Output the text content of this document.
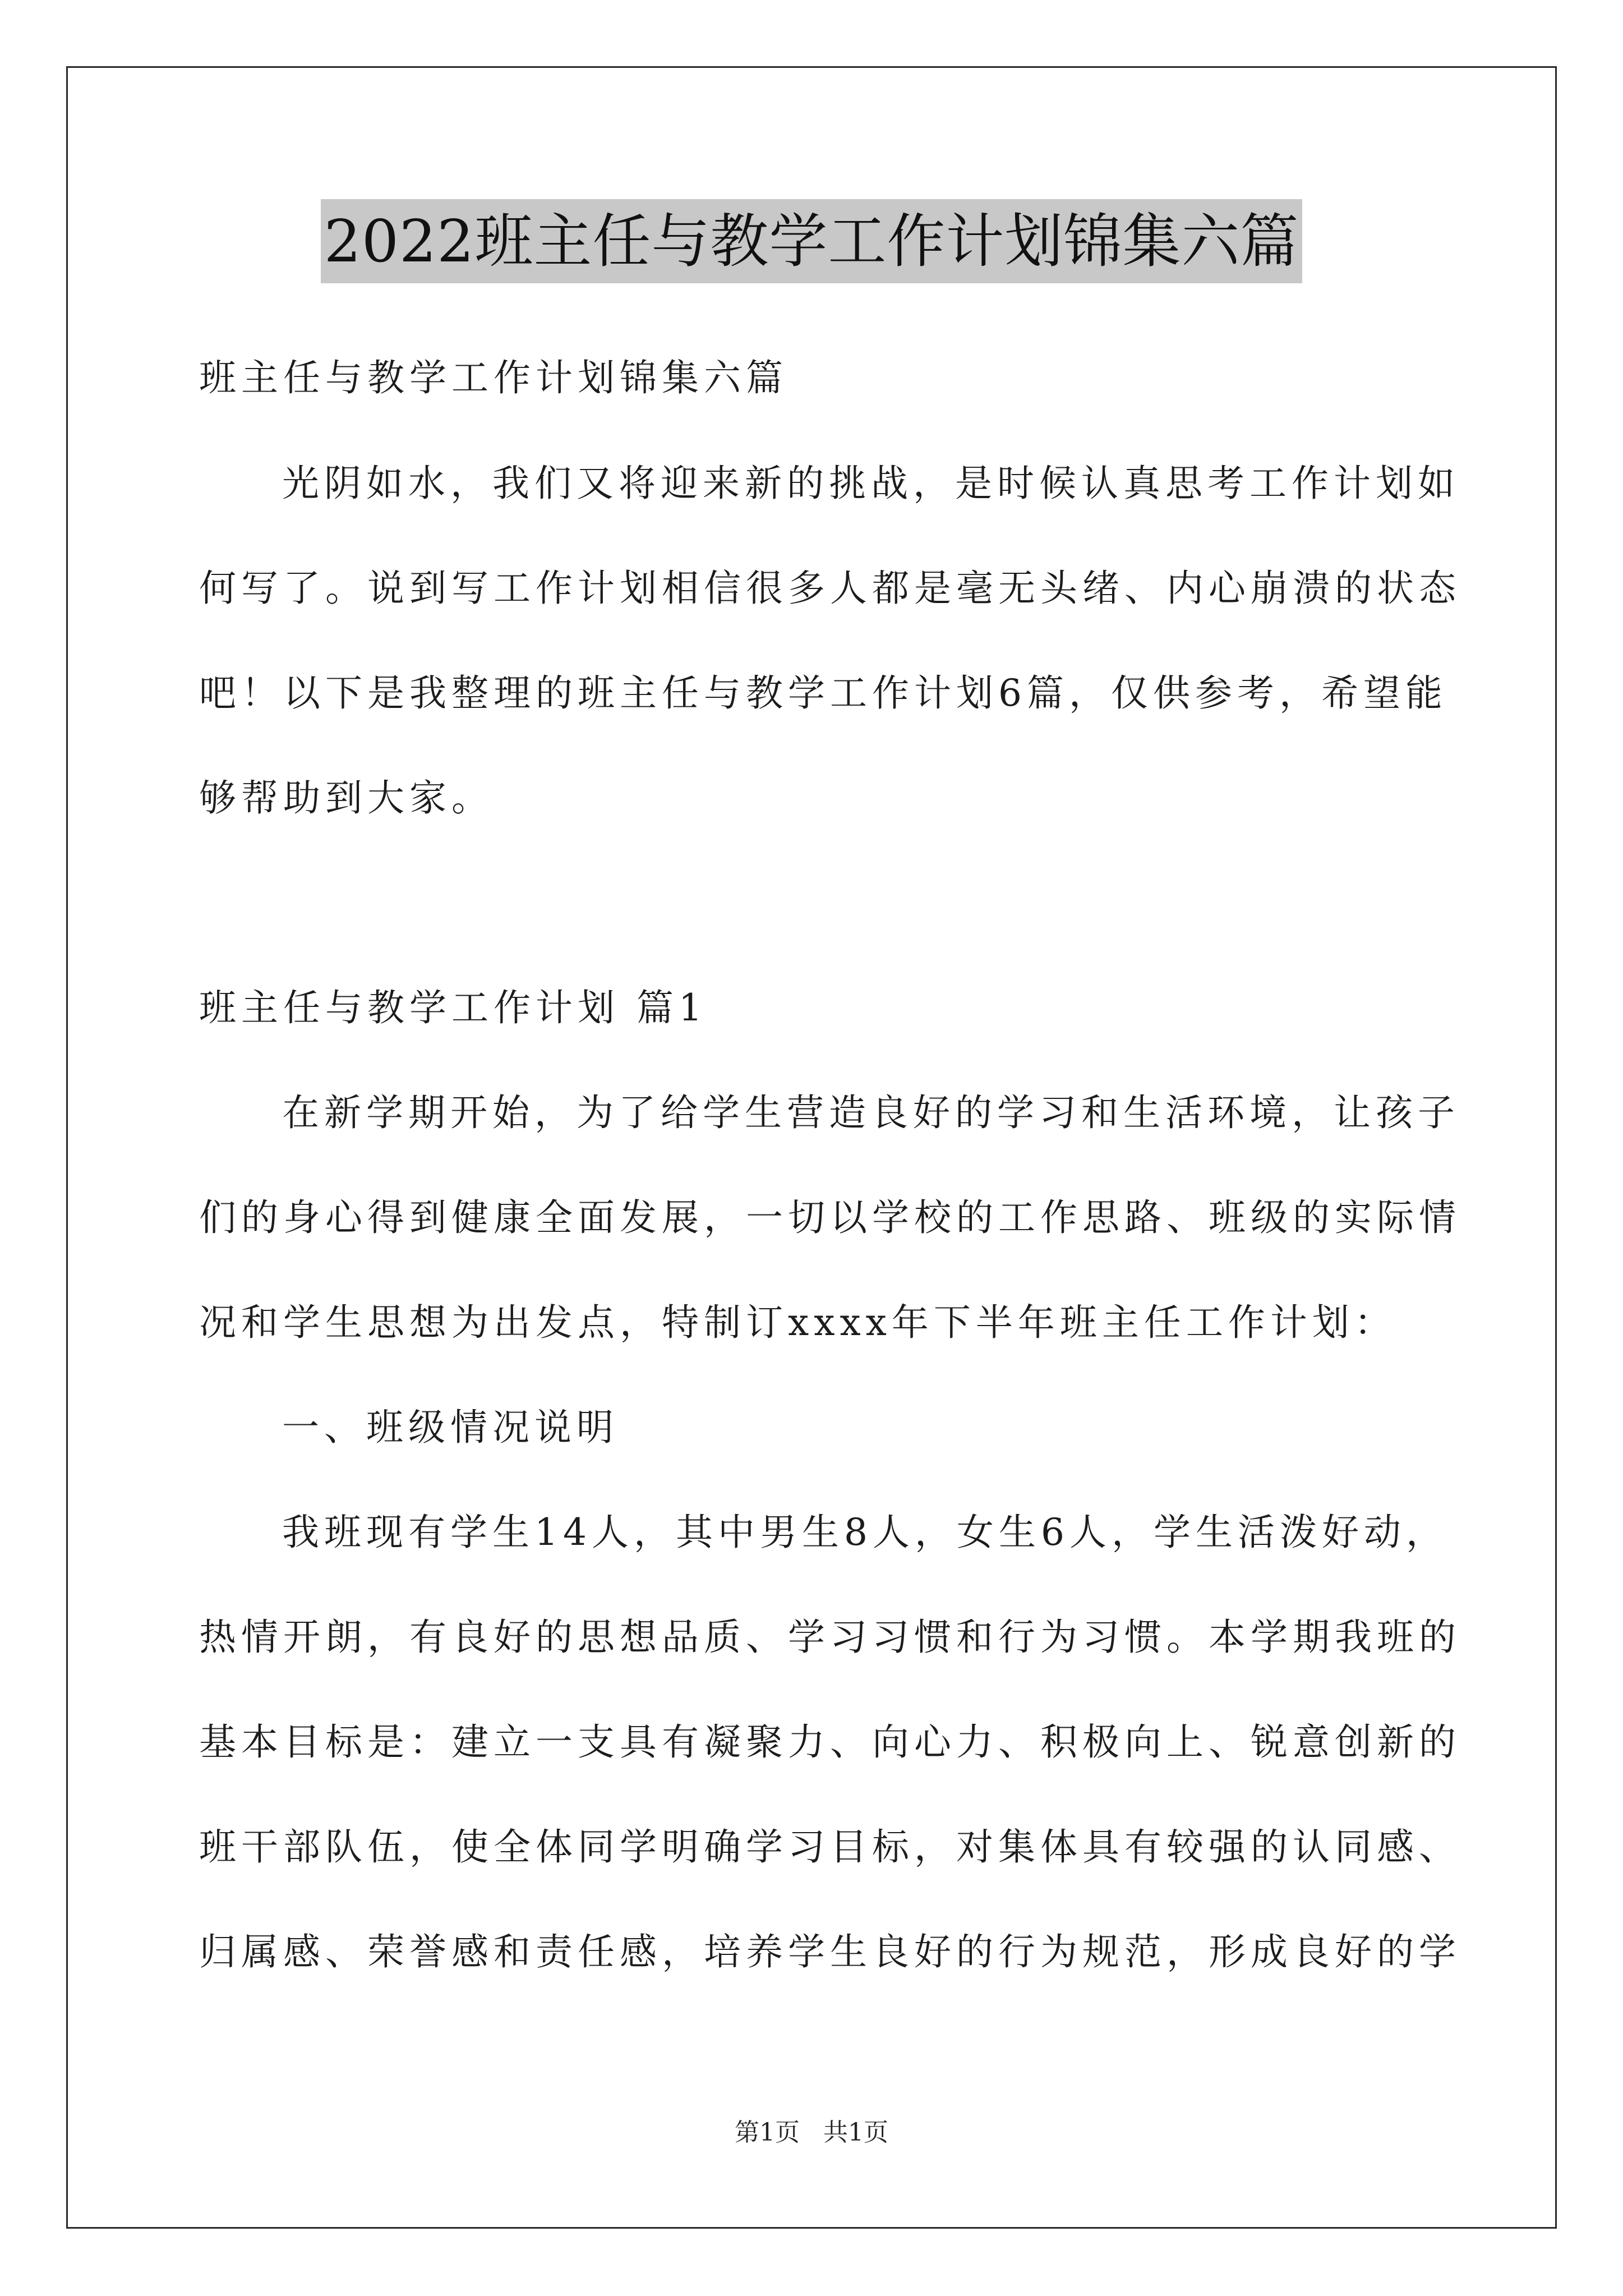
2022班主任与教学工作计划锦集六篇
班主任与教学工作计划锦集六篇
光阴如水，我们又将迎来新的挑战，是时候认真思考工作计划如
何写了。说到写工作计划相信很多人都是毫无头绪、内心崩溃的状态
吧！以下是我整理的班主任与教学工作计划6篇，仅供参考，希望能
够帮助到大家。
班主任与教学工作计划 篇1
在新学期开始，为了给学生营造良好的学习和生活环境，让孩子
们的身心得到健康全面发展，一切以学校的工作思路、班级的实际情
况和学生思想为出发点，特制订xxxx年下半年班主任工作计划：
一、班级情况说明
我班现有学生14人，其中男生8人，女生6人，学生活泼好动，
热情开朗，有良好的思想品质、学习习惯和行为习惯。本学期我班的
基本目标是：建立一支具有凝聚力、向心力、积极向上、锐意创新的
班干部队伍，使全体同学明确学习目标，对集体具有较强的认同感、
归属感、荣誉感和责任感，培养学生良好的行为规范，形成良好的学
第1页 共1页
